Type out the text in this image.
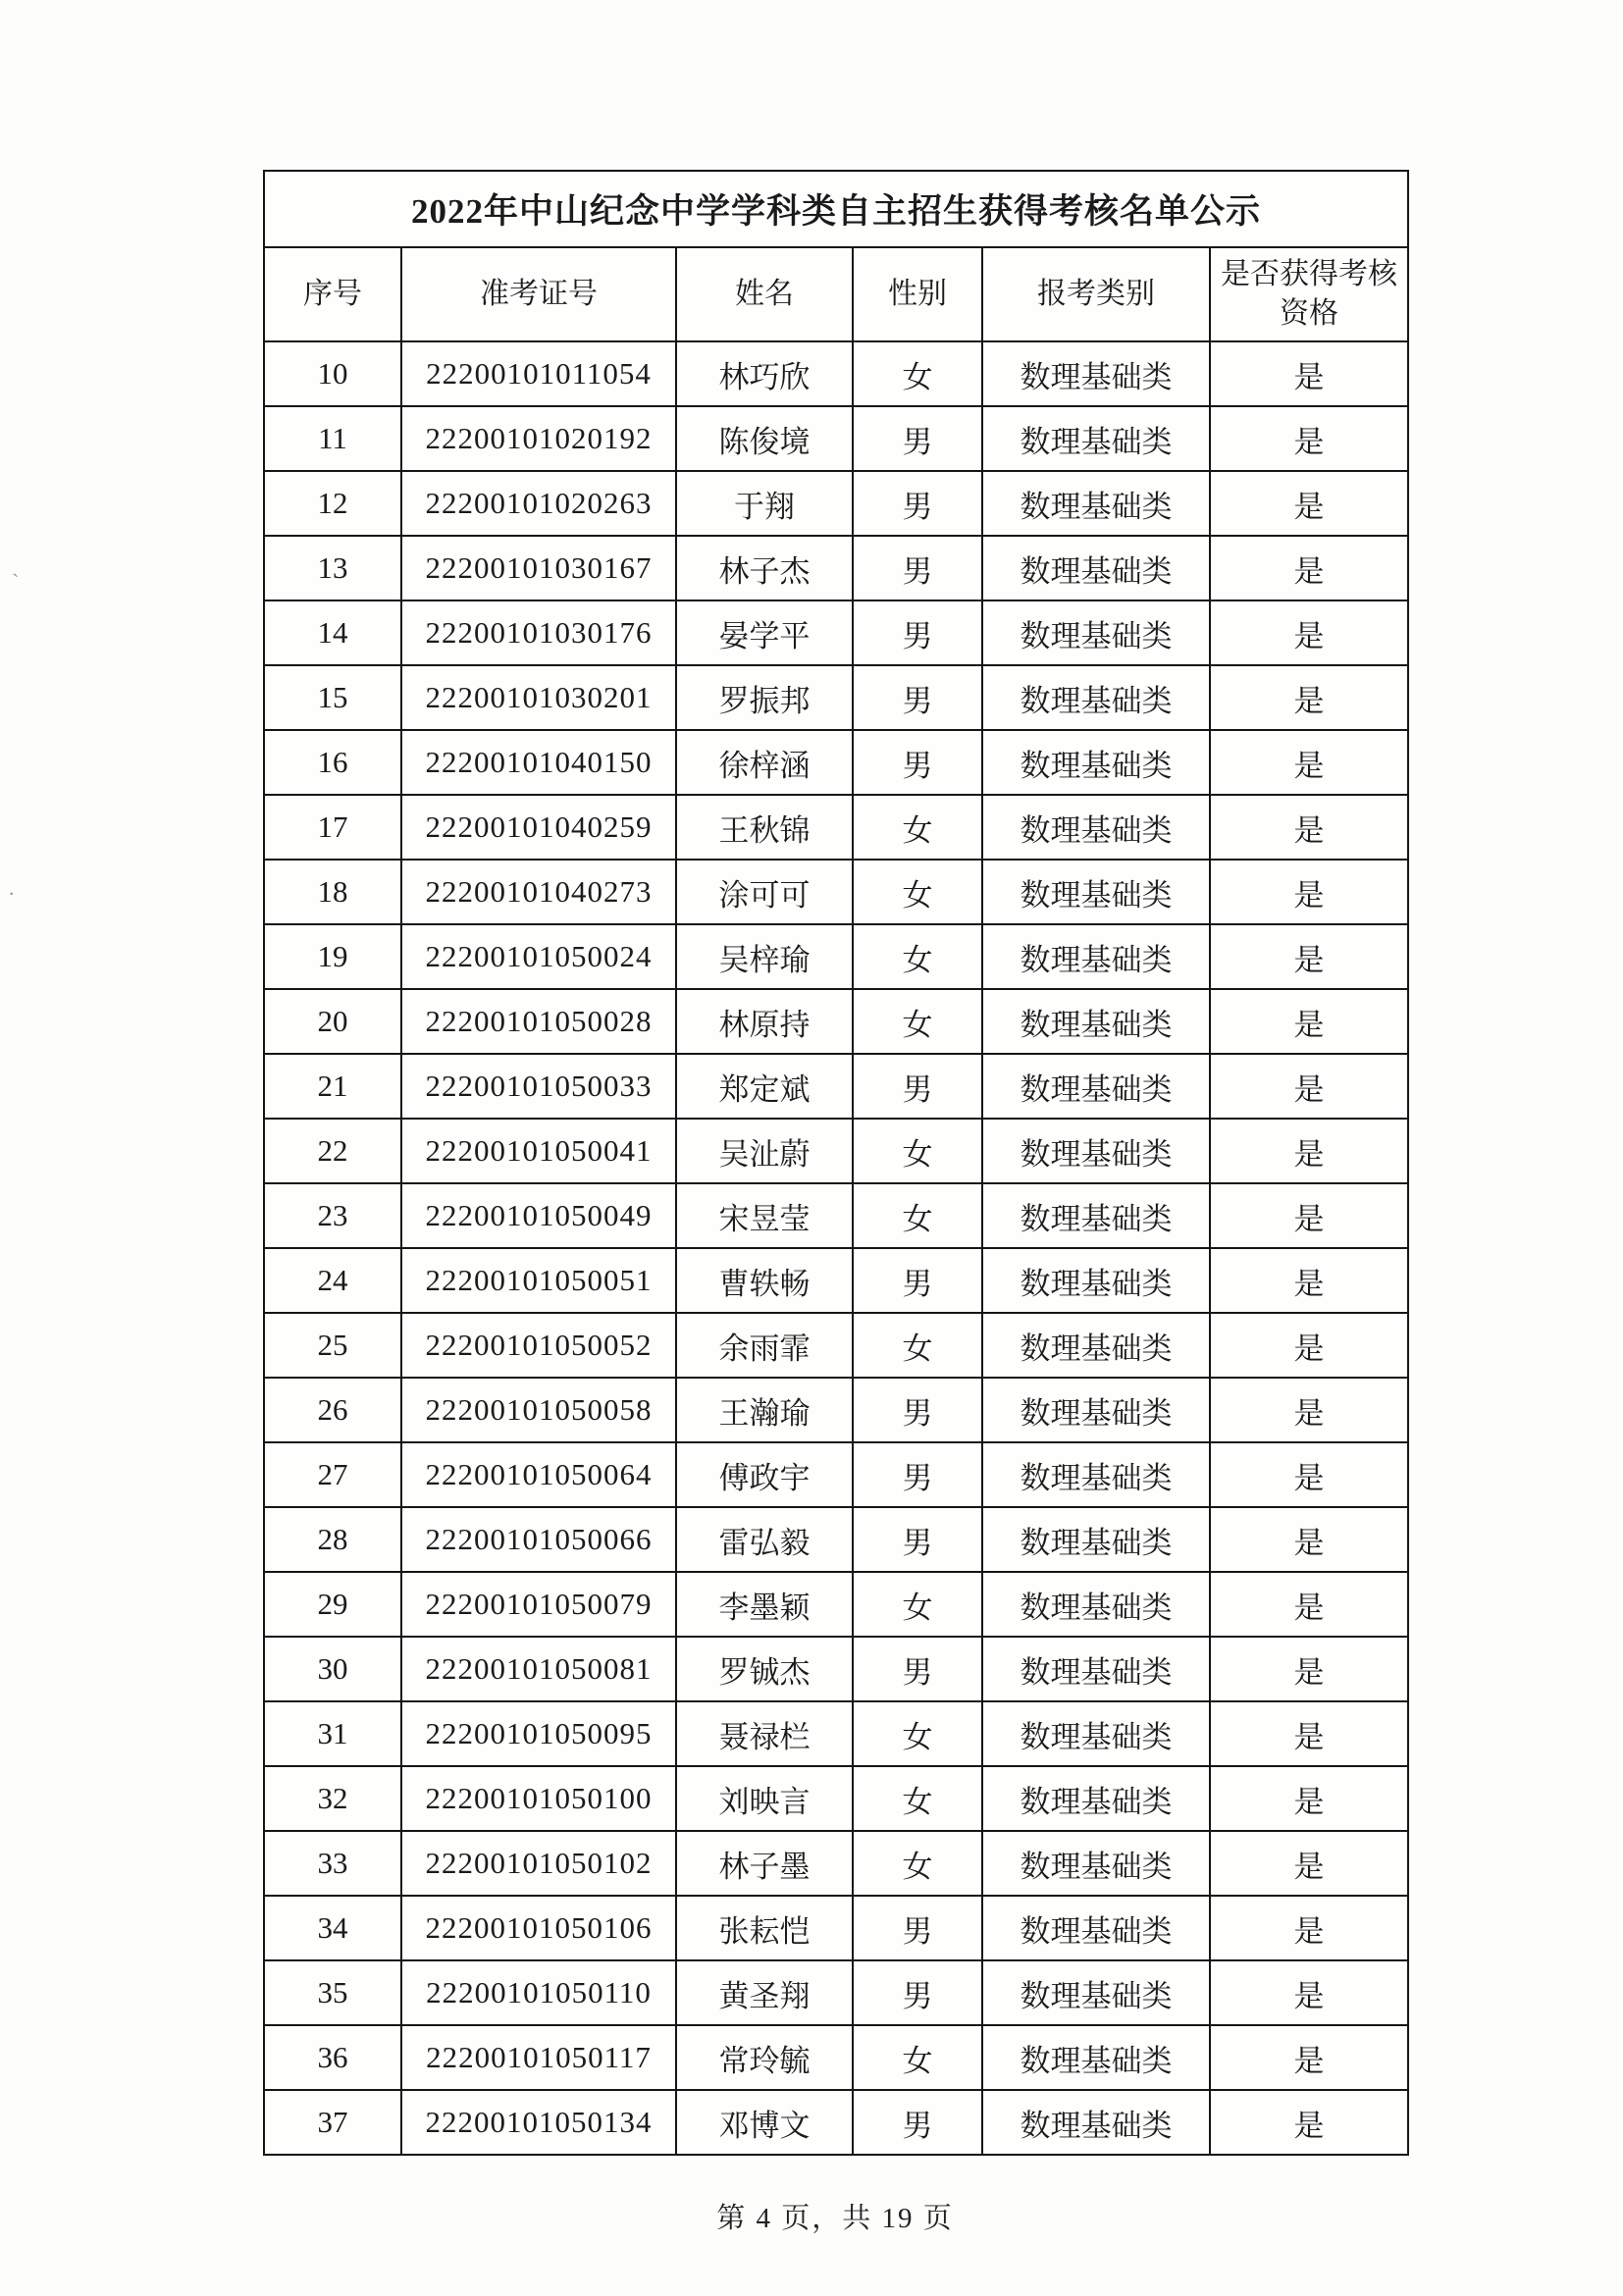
`
·
2022年中山纪念中学学科类自主招生获得考核名单公示					
序号	准考证号	姓名	性别	报考类别	是否获得考核资格
10	22200101011054	林巧欣	女	数理基础类	是
11	22200101020192	陈俊境	男	数理基础类	是
12	22200101020263	于翔	男	数理基础类	是
13	22200101030167	林子杰	男	数理基础类	是
14	22200101030176	晏学平	男	数理基础类	是
15	22200101030201	罗振邦	男	数理基础类	是
16	22200101040150	徐梓涵	男	数理基础类	是
17	22200101040259	王秋锦	女	数理基础类	是
18	22200101040273	涂可可	女	数理基础类	是
19	22200101050024	吴梓瑜	女	数理基础类	是
20	22200101050028	林原持	女	数理基础类	是
21	22200101050033	郑定斌	男	数理基础类	是
22	22200101050041	吴沚蔚	女	数理基础类	是
23	22200101050049	宋昱莹	女	数理基础类	是
24	22200101050051	曹轶畅	男	数理基础类	是
25	22200101050052	余雨霏	女	数理基础类	是
26	22200101050058	王瀚瑜	男	数理基础类	是
27	22200101050064	傅政宇	男	数理基础类	是
28	22200101050066	雷弘毅	男	数理基础类	是
29	22200101050079	李墨颖	女	数理基础类	是
30	22200101050081	罗铖杰	男	数理基础类	是
31	22200101050095	聂禄栏	女	数理基础类	是
32	22200101050100	刘映言	女	数理基础类	是
33	22200101050102	林子墨	女	数理基础类	是
34	22200101050106	张耘恺	男	数理基础类	是
35	22200101050110	黄圣翔	男	数理基础类	是
36	22200101050117	常玲毓	女	数理基础类	是
37	22200101050134	邓博文	男	数理基础类	是
第 4 页，共 19 页
